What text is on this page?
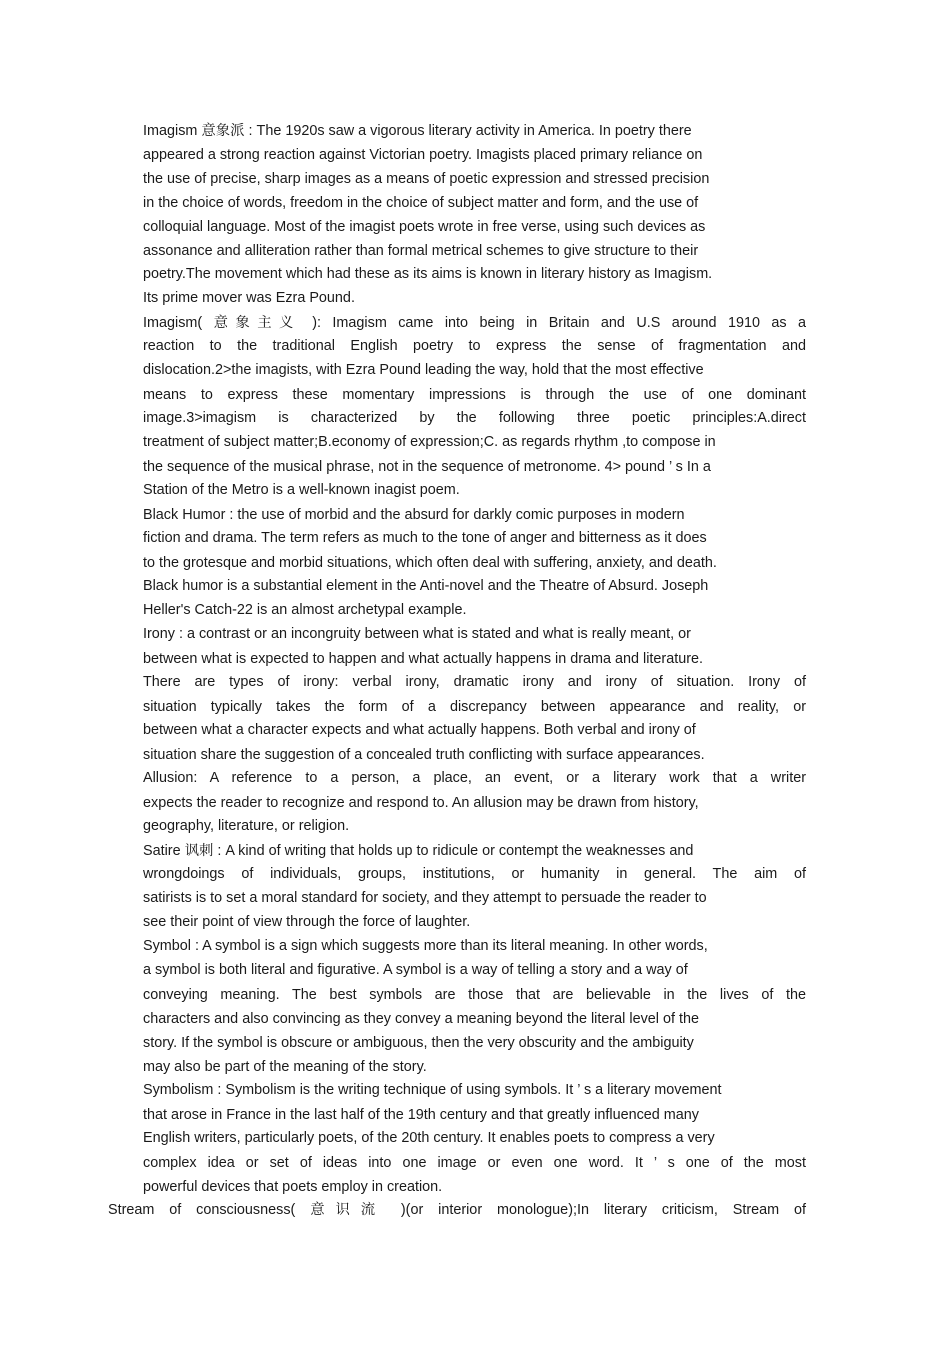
Imagism 意象派 : The 1920s saw a vigorous literary activity in America. In poetry there
appeared a strong reaction against Victorian poetry. Imagists placed primary reliance on
the use of precise, sharp images as a means of poetic expression and stressed precision
in the choice of words, freedom in the choice of subject matter and form, and the use of
colloquial language. Most of the imagist poets wrote in free verse, using such devices as
assonance and alliteration rather than formal metrical schemes to give structure to their
poetry.The movement which had these as its aims is known in literary history as Imagism.
Its prime mover was Ezra Pound.
Imagism( 意象主义 ): Imagism came into being in Britain and U.S around 1910 as a
reaction to the traditional English poetry to express the sense of fragmentation and
dislocation.2>the imagists, with Ezra Pound leading the way, hold that the most effective
means to express these momentary impressions is through the use of one dominant
image.3>imagism is characterized by the following three poetic principles:A.direct
treatment of subject matter;B.economy of expression;C. as regards rhythm ,to compose in
the sequence of the musical phrase, not in the sequence of metronome. 4> pound ’ s In a
Station of the Metro is a well-known inagist poem.
Black Humor : the use of morbid and the absurd for darkly comic purposes in modern
fiction and drama. The term refers as much to the tone of anger and bitterness as it does
to the grotesque and morbid situations, which often deal with suffering, anxiety, and death.
Black humor is a substantial element in the Anti-novel and the Theatre of Absurd. Joseph
Heller's Catch-22 is an almost archetypal example.
Irony : a contrast or an incongruity between what is stated and what is really meant, or
between what is expected to happen and what actually happens in drama and literature.
There are types of irony: verbal irony, dramatic irony and irony of situation. Irony of
situation typically takes the form of a discrepancy between appearance and reality, or
between what a character expects and what actually happens. Both verbal and irony of
situation share the suggestion of a concealed truth conflicting with surface appearances.
Allusion: A reference to a person, a place, an event, or a literary work that a writer
expects the reader to recognize and respond to. An allusion may be drawn from history,
geography, literature, or religion.
Satire 讽刺 : A kind of writing that holds up to ridicule or contempt the weaknesses and
wrongdoings of individuals, groups, institutions, or humanity in general. The aim of
satirists is to set a moral standard for society, and they attempt to persuade the reader to
see their point of view through the force of laughter.
Symbol : A symbol is a sign which suggests more than its literal meaning. In other words,
a symbol is both literal and figurative. A symbol is a way of telling a story and a way of
conveying meaning. The best symbols are those that are believable in the lives of the
characters and also convincing as they convey a meaning beyond the literal level of the
story. If the symbol is obscure or ambiguous, then the very obscurity and the ambiguity
may also be part of the meaning of the story.
Symbolism : Symbolism is the writing technique of using symbols. It ’ s a literary movement
that arose in France in the last half of the 19th century and that greatly influenced many
English writers, particularly poets, of the 20th century. It enables poets to compress a very
complex idea or set of ideas into one image or even one word. It ’ s one of the most
powerful devices that poets employ in creation.
Stream of consciousness( 意识流 )(or interior monologue);In literary criticism, Stream of
